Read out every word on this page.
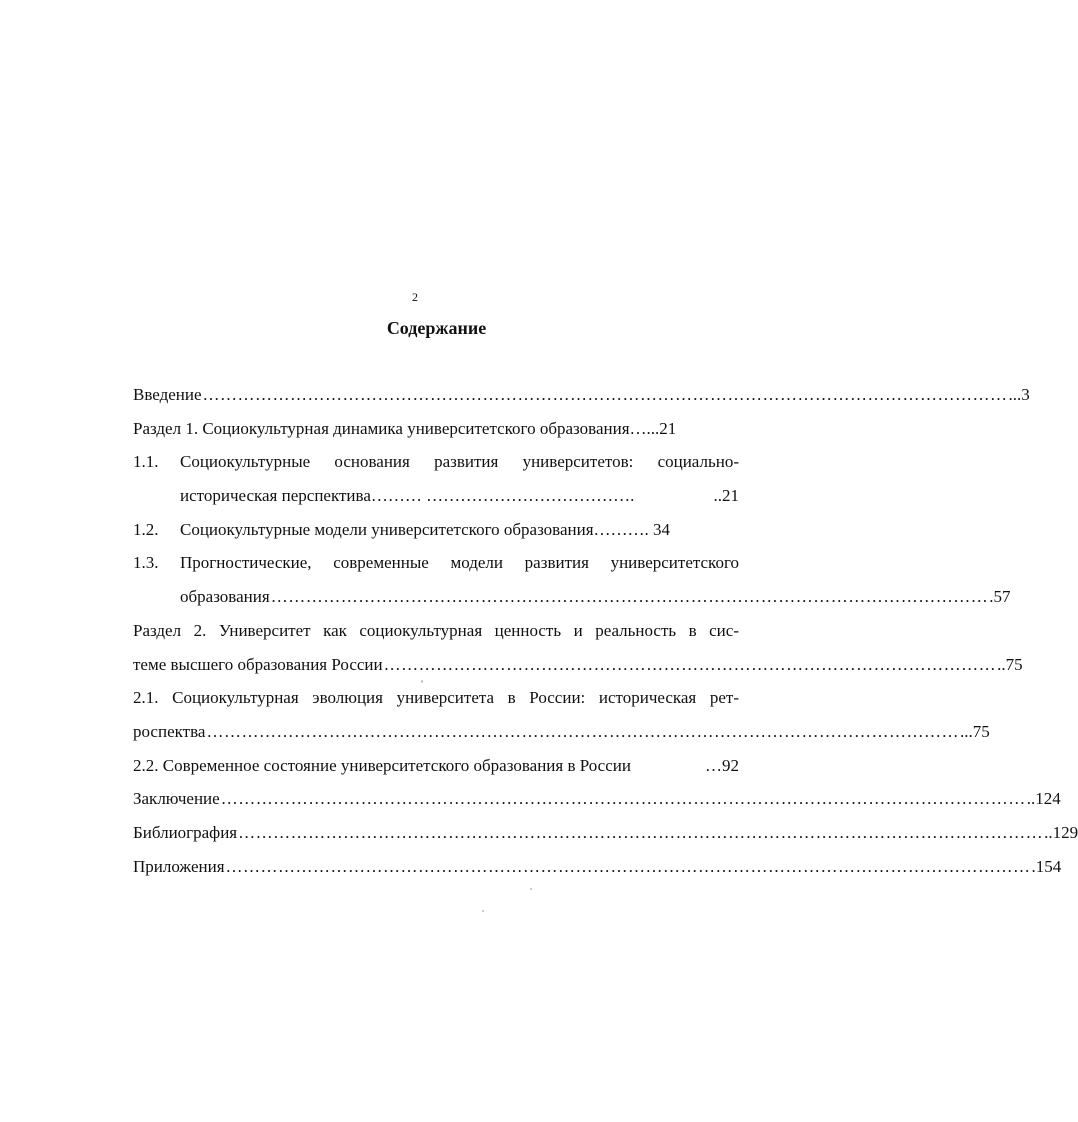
2
Содержание
Введение ………………………………………………………………………………………………………………………… ...3
Раздел 1. Социокультурная динамика университетского образования …...21
1.1. Социокультурные основания развития университетов: социально-
историческая перспектива……… ……………………………….	..21
1.2. Социокультурные модели университетского образования ………. 34
1.3. Прогностические, современные модели развития университетского
образования …………………………………………………………………………………………………………… .57
Раздел 2. Университет как социокультурная ценность и реальность в сис-
теме высшего образования России …………………………………………………………………………………………… ..75
2.1. Социокультурная эволюция университета в России: историческая рет-
роспектва ………………………………………………………………………………………………………………… ...75
2.2. Современное состояние университетского образования в России	…92
Заключение ………………………………………………………………………………………………………………………… ..124
Библиография ………………………………………………………………………………………………………………………… ..129
Приложения ………………………………………………………………………………………………………………………… .154
